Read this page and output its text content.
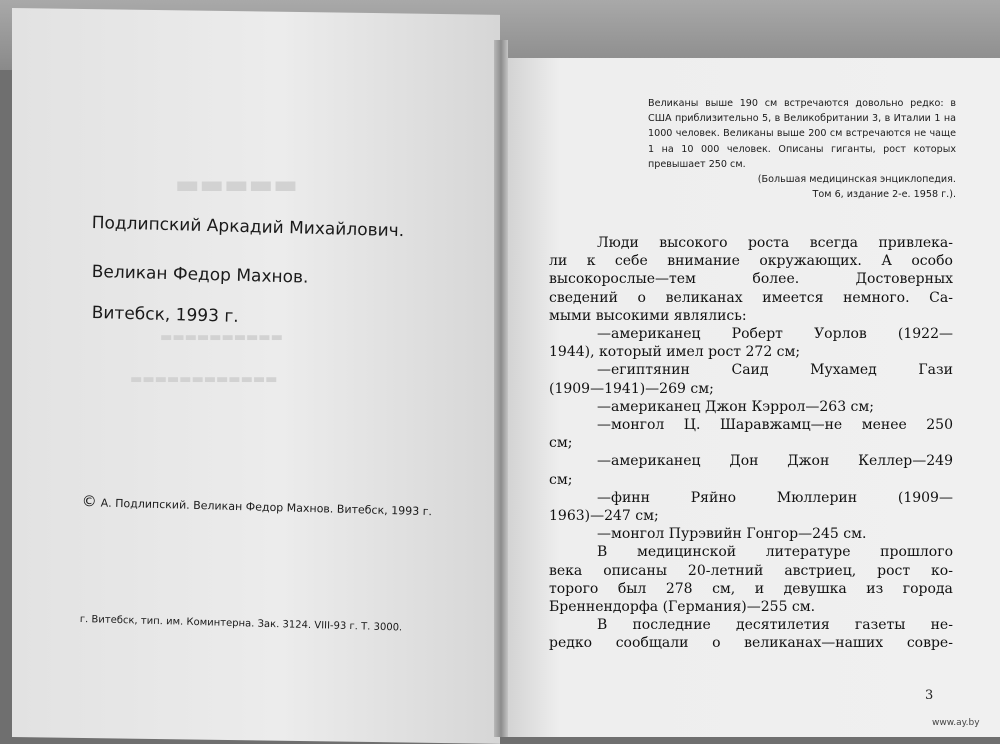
▬▬▬▬▬
▬▬▬▬▬▬▬▬▬▬
▬▬▬▬▬▬▬▬▬▬▬▬
Подлипский Аркадий Михайлович.
Великан Федор Махнов.
Витебск, 1993 г.
© А. Подлипский. Великан Федор Махнов. Витебск, 1993 г.
г. Витебск, тип. им. Коминтерна. Зак. 3124. VIII-93 г. Т. 3000.

Великаны выше 190 см встречаются довольно редко: в США приблизительно 5, в Великобритании 3, в Италии 1 на 1000 человек. Великаны выше 200 см встречаются не чаще 1 на 10 000 человек. Описаны гиганты, рост которых превышает 250 см.

(Большая медицинская энциклопедия.

Том 6, издание 2-е. 1958 г.).

Люди высокого роста всегда привлека-
ли к себе внимание окружающих. А особо
высокорослые—тем	более.	Достоверных
сведений о великанах имеется немного. Са-
мыми высокими являлись:
—американец Роберт Уорлов (1922—
1944), который имел рост 272 см;
—египтянин	Саид	Мухамед	Гази
(1909—1941)—269 см;
—американец Джон Кэррол—263 см;
—монгол Ц. Шаравжамц—не менее 250
см;
—американец Дон Джон Келлер—249
см;
—финн	Ряйно	Мюллерин	(1909—
1963)—247 см;
—монгол Пурэвийн Гонгор—245 см.
В медицинской литературе прошлого
века описаны 20-летний австриец, рост ко-
торого был 278 см, и девушка из города
Бреннендорфа (Германия)—255 см.
В последние десятилетия газеты не-
редко сообщали о великанах—наших совре-
3
www.ay.by
